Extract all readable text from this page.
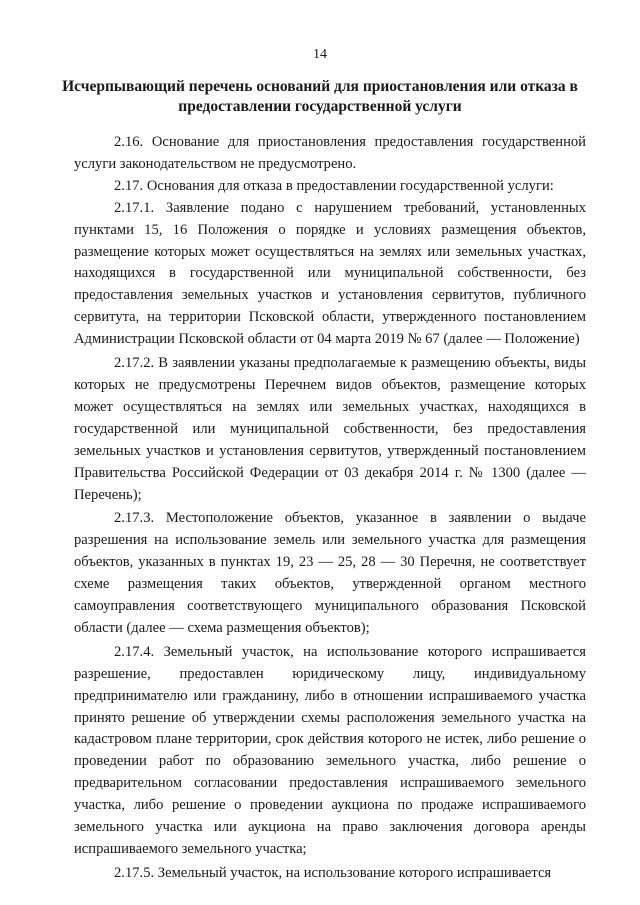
14
Исчерпывающий перечень оснований для приостановления или отказа в
предоставлении государственной услуги

2.16. Основание для приостановления предоставления государственной услуги законодательством не предусмотрено.

2.17. Основания для отказа в предоставлении государственной услуги:

2.17.1. Заявление подано с нарушением требований, установленных пунктами 15, 16 Положения о порядке и условиях размещения объектов, размещение которых может осуществляться на землях или земельных участках, находящихся в государственной или муниципальной собственности, без предоставления земельных участков и установления сервитутов, публичного сервитута, на территории Псковской области, утвержденного постановлением Администрации Псковской области от 04 марта 2019 № 67 (далее — Положение)

2.17.2. В заявлении указаны предполагаемые к размещению объекты, виды которых не предусмотрены Перечнем видов объектов, размещение которых может осуществляться на землях или земельных участках, находящихся в государственной или муниципальной собственности, без предоставления земельных участков и установления сервитутов, утвержденный постановлением Правительства Российской Федерации от 03 декабря 2014 г. № 1300 (далее — Перечень);

2.17.3. Местоположение объектов, указанное в заявлении о выдаче разрешения на использование земель или земельного участка для размещения объектов, указанных в пунктах 19, 23 — 25, 28 — 30 Перечня, не соответствует схеме размещения таких объектов, утвержденной органом местного самоуправления соответствующего муниципального образования Псковской области (далее — схема размещения объектов);

2.17.4. Земельный участок, на использование которого испрашивается разрешение, предоставлен юридическому лицу, индивидуальному предпринимателю или гражданину, либо в отношении испрашиваемого участка принято решение об утверждении схемы расположения земельного участка на кадастровом плане территории, срок действия которого не истек, либо решение о проведении работ по образованию земельного участка, либо решение о предварительном согласовании предоставления испрашиваемого земельного участка, либо решение о проведении аукциона по продаже испрашиваемого земельного участка или аукциона на право заключения договора аренды испрашиваемого земельного участка;

2.17.5. Земельный участок, на использование которого испрашивается
